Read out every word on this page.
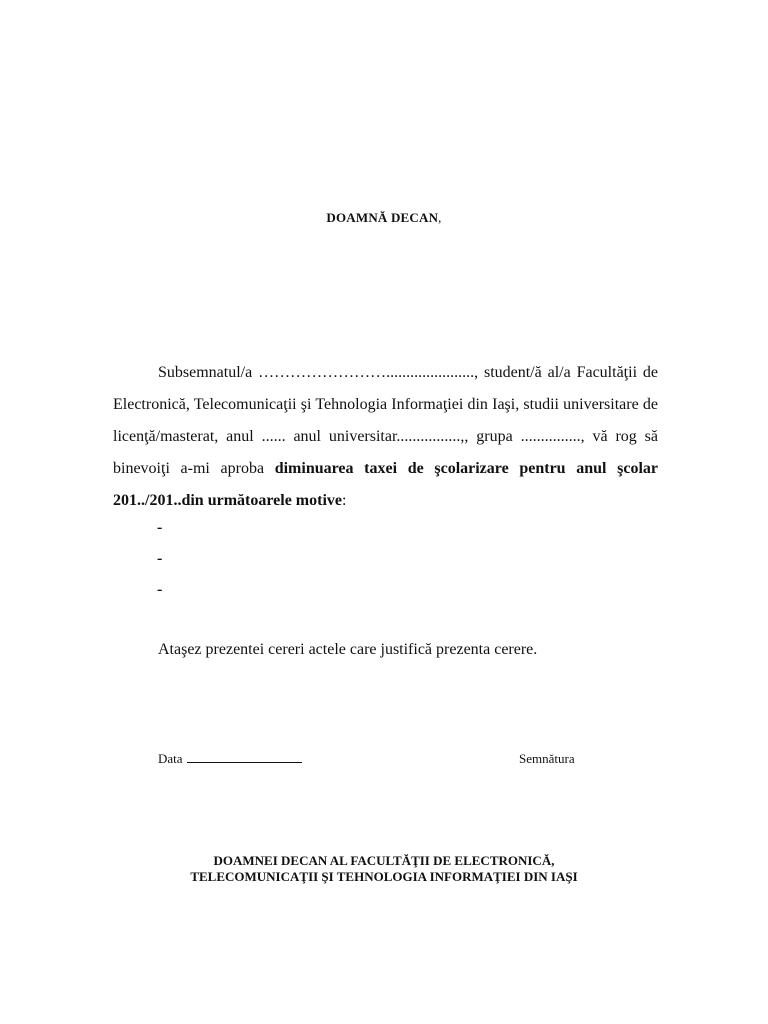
DOAMNĂ DECAN,

Subsemnatul/a ……………………......................, student/ă al/a Facultăţii de Electronică, Telecomunicaţii şi Tehnologia Informaţiei din Iaşi, studii universitare de licenţă/masterat, anul ...... anul universitar................,, grupa ..............., vă rog să binevoiţi a-mi aproba diminuarea taxei de şcolarizare pentru anul şcolar 201../201..din următoarele motive:

-
-
-
Ataşez prezentei cereri actele care justifică prezenta cerere.
Data	Semnătura
DOAMNEI DECAN AL FACULTĂŢII DE ELECTRONICĂ,
TELECOMUNICAŢII ŞI TEHNOLOGIA INFORMAŢIEI DIN IAŞI
